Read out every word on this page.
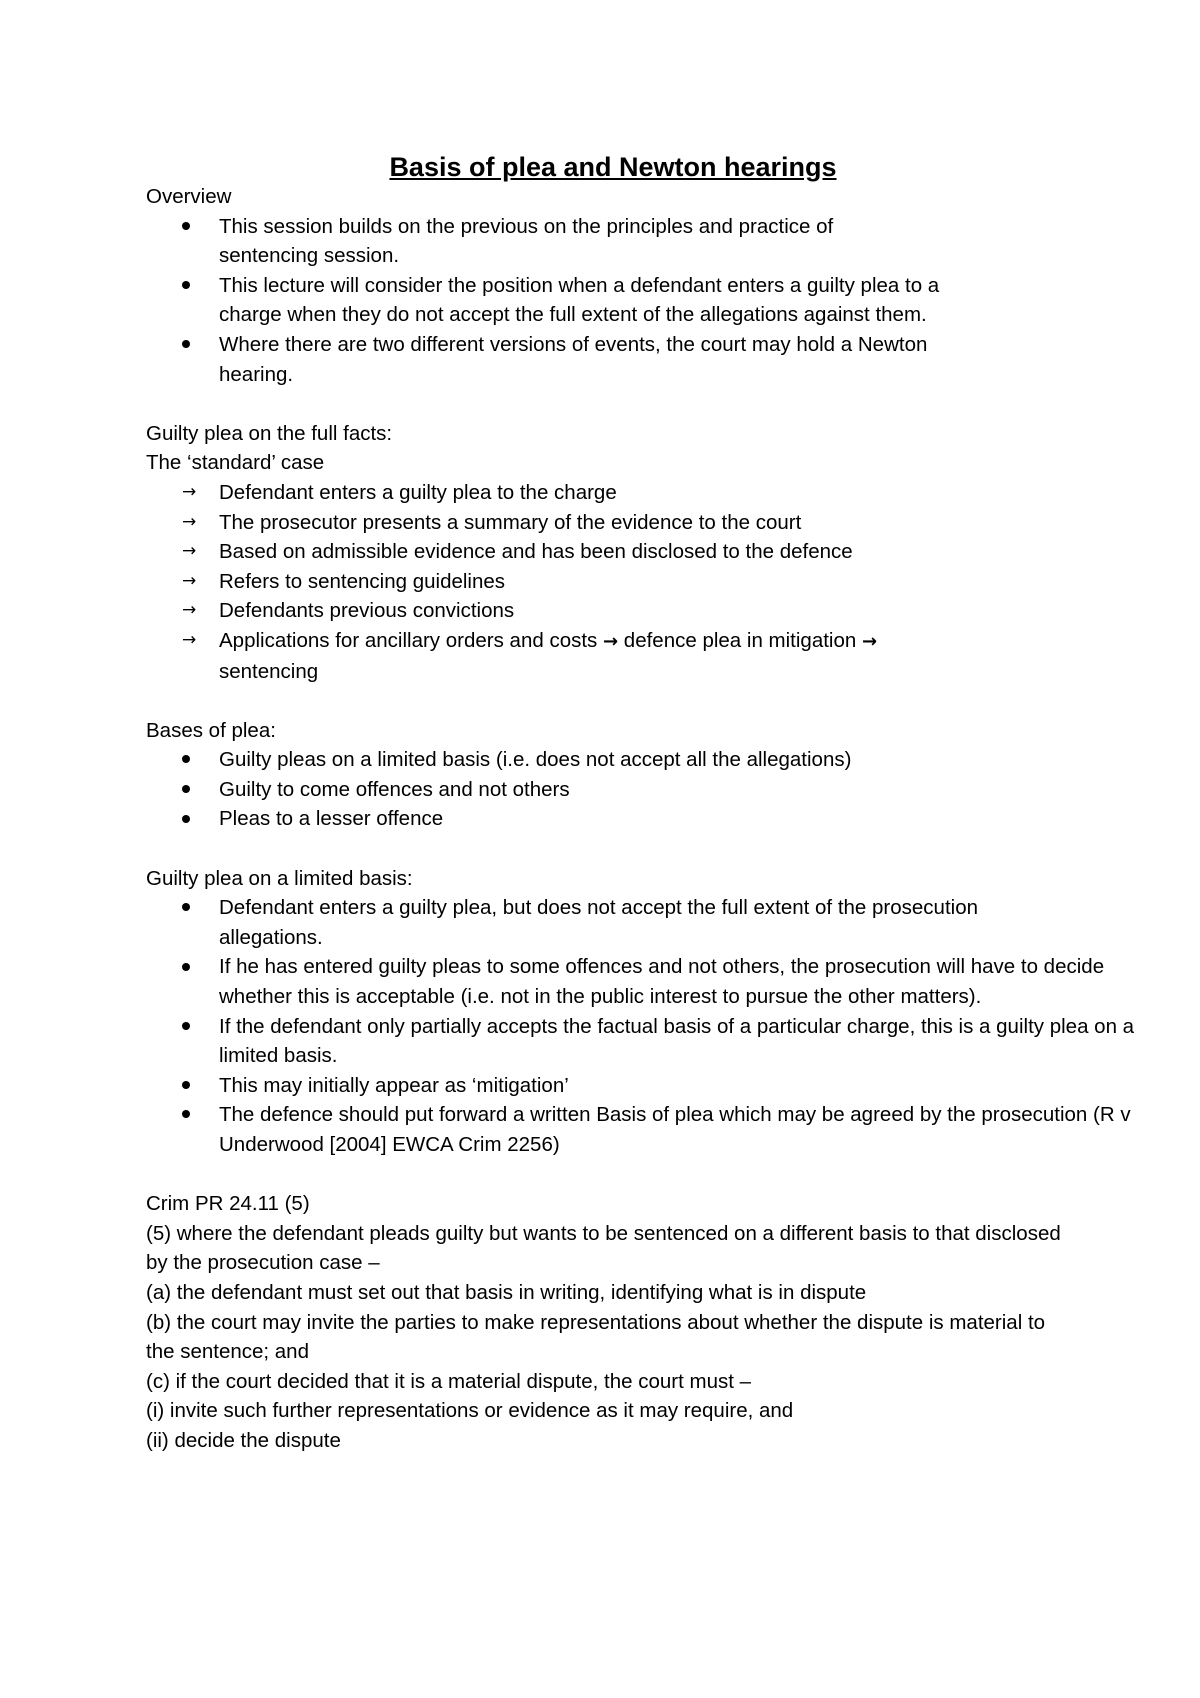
Basis of plea and Newton hearings

Overview

This session builds on the previous on the principles and practice of sentencing session.
This lecture will consider the position when a defendant enters a guilty plea to a charge when they do not accept the full extent of the allegations against them.
Where there are two different versions of events, the court may hold a Newton hearing.

Guilty plea on the full facts:

The ‘standard’ case

→	Defendant enters a guilty plea to the charge
→	The prosecutor presents a summary of the evidence to the court
→	Based on admissible evidence and has been disclosed to the defence
→	Refers to sentencing guidelines
→	Defendants previous convictions
→	Applications for ancillary orders and costs → defence plea in mitigation → sentencing

Bases of plea:

Guilty pleas on a limited basis (i.e. does not accept all the allegations)
Guilty to come offences and not others
Pleas to a lesser offence

Guilty plea on a limited basis:

Defendant enters a guilty plea, but does not accept the full extent of the prosecution allegations.
If he has entered guilty pleas to some offences and not others, the prosecution will have to decide whether this is acceptable (i.e. not in the public interest to pursue the other matters).
If the defendant only partially accepts the factual basis of a particular charge, this is a guilty plea on a limited basis.
This may initially appear as ‘mitigation’
The defence should put forward a written Basis of plea which may be agreed by the prosecution (R v Underwood [2004] EWCA Crim 2256)

Crim PR 24.11 (5)

(5) where the defendant pleads guilty but wants to be sentenced on a different basis to that disclosed by the prosecution case –

(a) the defendant must set out that basis in writing, identifying what is in dispute

(b) the court may invite the parties to make representations about whether the dispute is material to the sentence; and

(c) if the court decided that it is a material dispute, the court must –

(i) invite such further representations or evidence as it may require, and

(ii) decide the dispute
